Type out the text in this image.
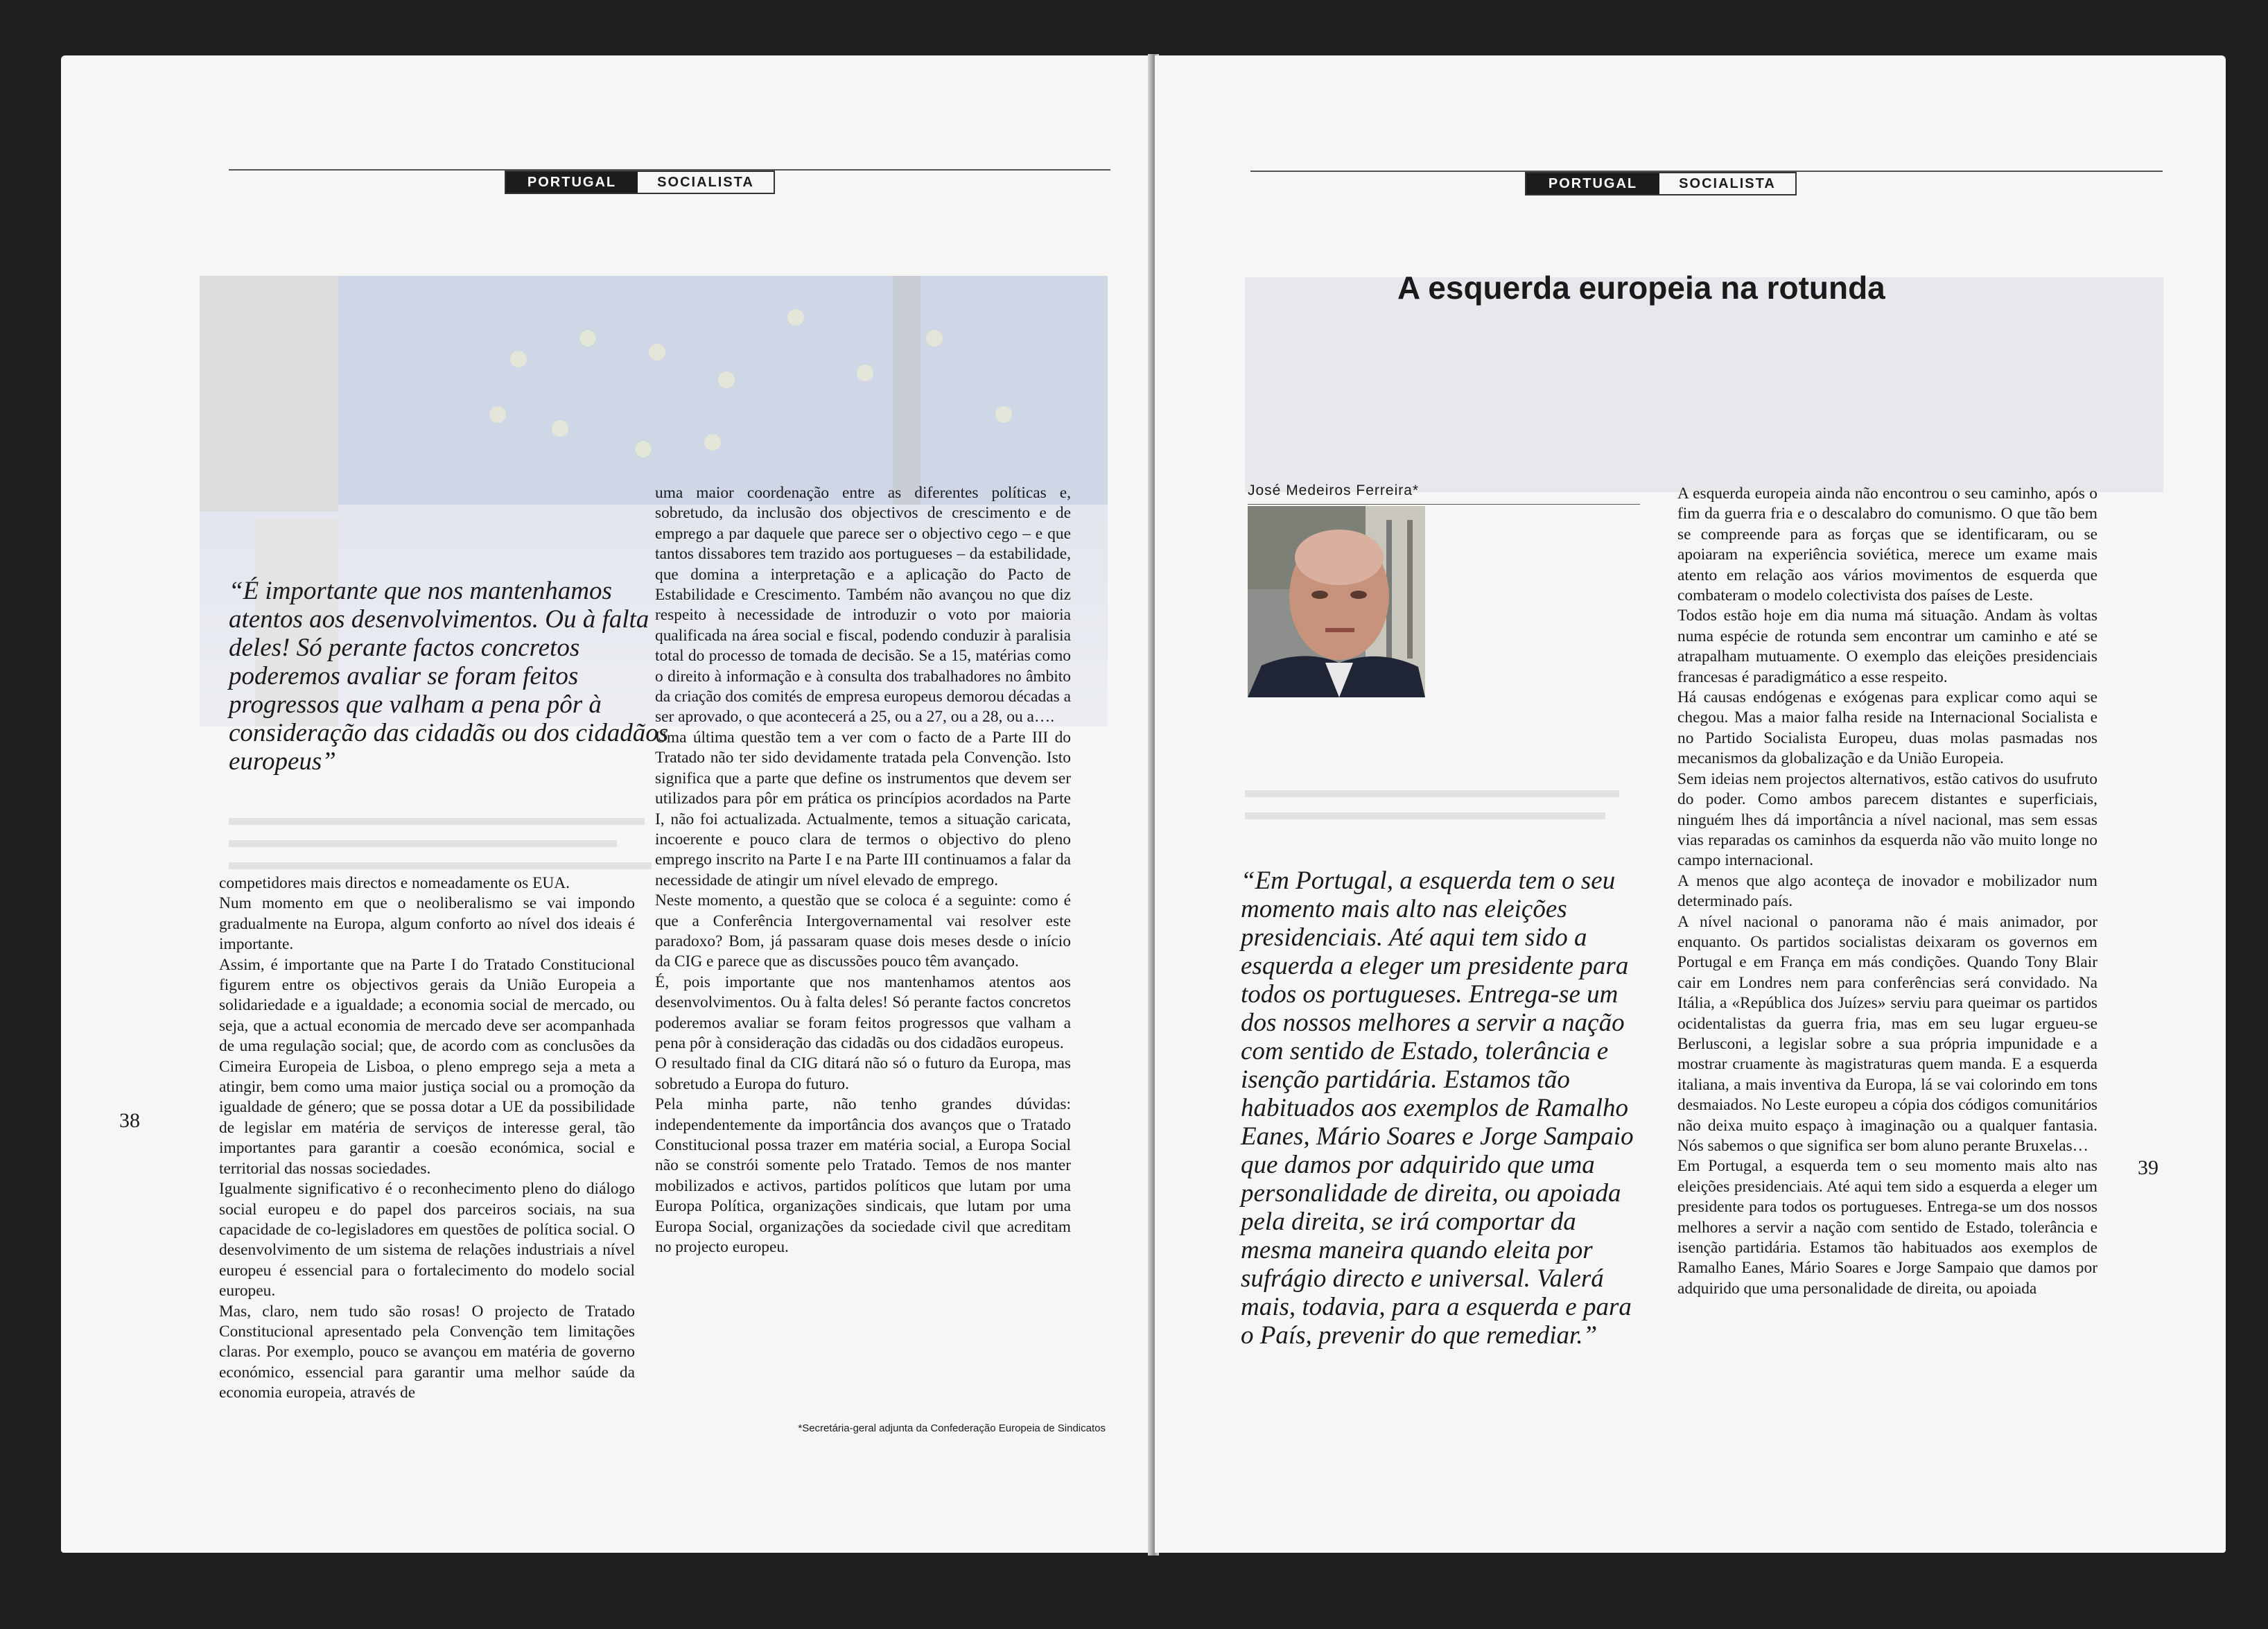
PORTUGAL	SOCIALISTA
“É importante que nos mantenhamos atentos aos desenvolvimentos. Ou à falta deles! Só perante factos concretos poderemos avaliar se foram feitos progressos que valham a pena pôr à consideração das cidadãs ou dos cidadãos europeus”

competidores mais directos e nomeadamente os EUA.

Num momento em que o neoliberalismo se vai impondo gradualmente na Europa, algum conforto ao nível dos ideais é importante.

Assim, é importante que na Parte I do Tratado Constitucional figurem entre os objectivos gerais da União Europeia a solidariedade e a igualdade; a economia social de mercado, ou seja, que a actual economia de mercado deve ser acompanhada de uma regulação social; que, de acordo com as conclusões da Cimeira Europeia de Lisboa, o pleno emprego seja a meta a atingir, bem como uma maior justiça social ou a promoção da igualdade de género; que se possa dotar a UE da possibilidade de legislar em matéria de serviços de interesse geral, tão importantes para garantir a coesão económica, social e territorial das nossas sociedades.

Igualmente significativo é o reconhecimento pleno do diálogo social europeu e do papel dos parceiros sociais, na sua capacidade de co-legisladores em questões de política social. O desenvolvimento de um sistema de relações industriais a nível europeu é essencial para o fortalecimento do modelo social europeu.

Mas, claro, nem tudo são rosas! O projecto de Tratado Constitucional apresentado pela Convenção tem limitações claras. Por exemplo, pouco se avançou em matéria de governo económico, essencial para garantir uma melhor saúde da economia europeia, através de

uma maior coordenação entre as diferentes políticas e, sobretudo, da inclusão dos objectivos de crescimento e de emprego a par daquele que parece ser o objectivo cego – e que tantos dissabores tem trazido aos portugueses – da estabilidade, que domina a interpretação e a aplicação do Pacto de Estabilidade e Crescimento. Também não avançou no que diz respeito à necessidade de introduzir o voto por maioria qualificada na área social e fiscal, podendo conduzir à paralisia total do processo de tomada de decisão. Se a 15, matérias como o direito à informação e à consulta dos trabalhadores no âmbito da criação dos comités de empresa europeus demorou décadas a ser aprovado, o que acontecerá a 25, ou a 27, ou a 28, ou a….

Uma última questão tem a ver com o facto de a Parte III do Tratado não ter sido devidamente tratada pela Convenção. Isto significa que a parte que define os instrumentos que devem ser utilizados para pôr em prática os princípios acordados na Parte I, não foi actualizada. Actualmente, temos a situação caricata, incoerente e pouco clara de termos o objectivo do pleno emprego inscrito na Parte I e na Parte III continuamos a falar da necessidade de atingir um nível elevado de emprego.

Neste momento, a questão que se coloca é a seguinte: como é que a Conferência Intergovernamental vai resolver este paradoxo? Bom, já passaram quase dois meses desde o início da CIG e parece que as discussões pouco têm avançado.

É, pois importante que nos mantenhamos atentos aos desenvolvimentos. Ou à falta deles! Só perante factos concretos poderemos avaliar se foram feitos progressos que valham a pena pôr à consideração das cidadãs ou dos cidadãos europeus.

O resultado final da CIG ditará não só o futuro da Europa, mas sobretudo a Europa do futuro.

Pela minha parte, não tenho grandes dúvidas: independentemente da importância dos avanços que o Tratado Constitucional possa trazer em matéria social, a Europa Social não se constrói somente pelo Tratado. Temos de nos manter mobilizados e activos, partidos políticos que lutam por uma Europa Política, organizações sindicais, que lutam por uma Europa Social, organizações da sociedade civil que acreditam no projecto europeu.

*Secretária-geral adjunta da Confederação Europeia de Sindicatos
38
PORTUGAL	SOCIALISTA
A esquerda europeia na rotunda
José Medeiros Ferreira*
“Em Portugal, a esquerda tem o seu momento mais alto nas eleições presidenciais. Até aqui tem sido a esquerda a eleger um presidente para todos os portugueses. Entrega-se um dos nossos melhores a servir a nação com sentido de Estado, tolerância e isenção partidária. Estamos tão habituados aos exemplos de Ramalho Eanes, Mário Soares e Jorge Sampaio que damos por adquirido que uma personalidade de direita, ou apoiada pela direita, se irá comportar da mesma maneira quando eleita por sufrágio directo e universal. Valerá mais, todavia, para a esquerda e para o País, prevenir do que remediar.”

A esquerda europeia ainda não encontrou o seu caminho, após o fim da guerra fria e o descalabro do comunismo. O que tão bem se compreende para as forças que se identificaram, ou se apoiaram na experiência soviética, merece um exame mais atento em relação aos vários movimentos de esquerda que combateram o modelo colectivista dos países de Leste.

Todos estão hoje em dia numa má situação. Andam às voltas numa espécie de rotunda sem encontrar um caminho e até se atrapalham mutuamente. O exemplo das eleições presidenciais francesas é paradigmático a esse respeito.

Há causas endógenas e exógenas para explicar como aqui se chegou. Mas a maior falha reside na Internacional Socialista e no Partido Socialista Europeu, duas molas pasmadas nos mecanismos da globalização e da União Europeia.

Sem ideias nem projectos alternativos, estão cativos do usufruto do poder. Como ambos parecem distantes e superficiais, ninguém lhes dá importância a nível nacional, mas sem essas vias reparadas os caminhos da esquerda não vão muito longe no campo internacional.

A menos que algo aconteça de inovador e mobilizador num determinado país.

A nível nacional o panorama não é mais animador, por enquanto. Os partidos socialistas deixaram os governos em Portugal e em França em más condições. Quando Tony Blair cair em Londres nem para conferências será convidado. Na Itália, a «República dos Juízes» serviu para queimar os partidos ocidentalistas da guerra fria, mas em seu lugar ergueu-se Berlusconi, a legislar sobre a sua própria impunidade e a mostrar cruamente às magistraturas quem manda. E a esquerda italiana, a mais inventiva da Europa, lá se vai colorindo em tons desmaiados. No Leste europeu a cópia dos códigos comunitários não deixa muito espaço à imaginação ou a qualquer fantasia. Nós sabemos o que significa ser bom aluno perante Bruxelas…

Em Portugal, a esquerda tem o seu momento mais alto nas eleições presidenciais. Até aqui tem sido a esquerda a eleger um presidente para todos os portugueses. Entrega-se um dos nossos melhores a servir a nação com sentido de Estado, tolerância e isenção partidária. Estamos tão habituados aos exemplos de Ramalho Eanes, Mário Soares e Jorge Sampaio que damos por adquirido que uma personalidade de direita, ou apoiada

39
